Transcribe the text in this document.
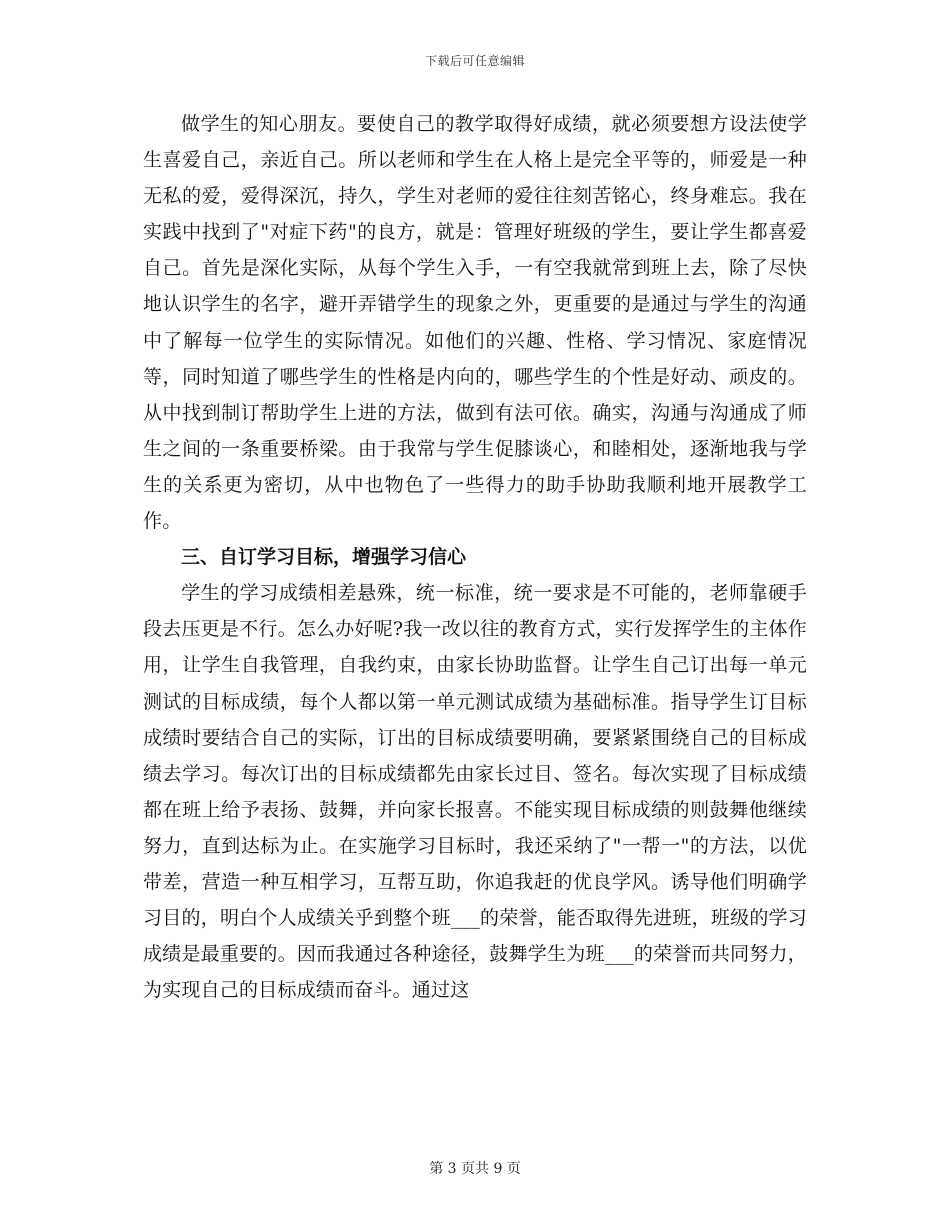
下载后可任意编辑

做学生的知心朋友。要使自己的教学取得好成绩，就必须要想方设法使学生喜爱自己，亲近自己。所以老师和学生在人格上是完全平等的，师爱是一种无私的爱，爱得深沉，持久，学生对老师的爱往往刻苦铭心，终身难忘。我在实践中找到了"对症下药"的良方，就是：管理好班级的学生，要让学生都喜爱自己。首先是深化实际，从每个学生入手，一有空我就常到班上去，除了尽快地认识学生的名字，避开弄错学生的现象之外，更重要的是通过与学生的沟通中了解每一位学生的实际情况。如他们的兴趣、性格、学习情况、家庭情况等，同时知道了哪些学生的性格是内向的，哪些学生的个性是好动、顽皮的。从中找到制订帮助学生上进的方法，做到有法可依。确实，沟通与沟通成了师生之间的一条重要桥梁。由于我常与学生促膝谈心，和睦相处，逐渐地我与学生的关系更为密切，从中也物色了一些得力的助手协助我顺利地开展教学工作。

三、自订学习目标，增强学习信心

学生的学习成绩相差悬殊，统一标准，统一要求是不可能的，老师靠硬手段去压更是不行。怎么办好呢?我一改以往的教育方式，实行发挥学生的主体作用，让学生自我管理，自我约束，由家长协助监督。让学生自己订出每一单元测试的目标成绩，每个人都以第一单元测试成绩为基础标准。指导学生订目标成绩时要结合自己的实际，订出的目标成绩要明确，要紧紧围绕自己的目标成绩去学习。每次订出的目标成绩都先由家长过目、签名。每次实现了目标成绩都在班上给予表扬、鼓舞，并向家长报喜。不能实现目标成绩的则鼓舞他继续努力，直到达标为止。在实施学习目标时，我还采纳了"一帮一"的方法，以优带差，营造一种互相学习，互帮互助，你追我赶的优良学风。诱导他们明确学习目的，明白个人成绩关乎到整个班___的荣誉，能否取得先进班，班级的学习成绩是最重要的。因而我通过各种途径，鼓舞学生为班___的荣誉而共同努力，为实现自己的目标成绩而奋斗。通过这

第 3 页共 9 页
